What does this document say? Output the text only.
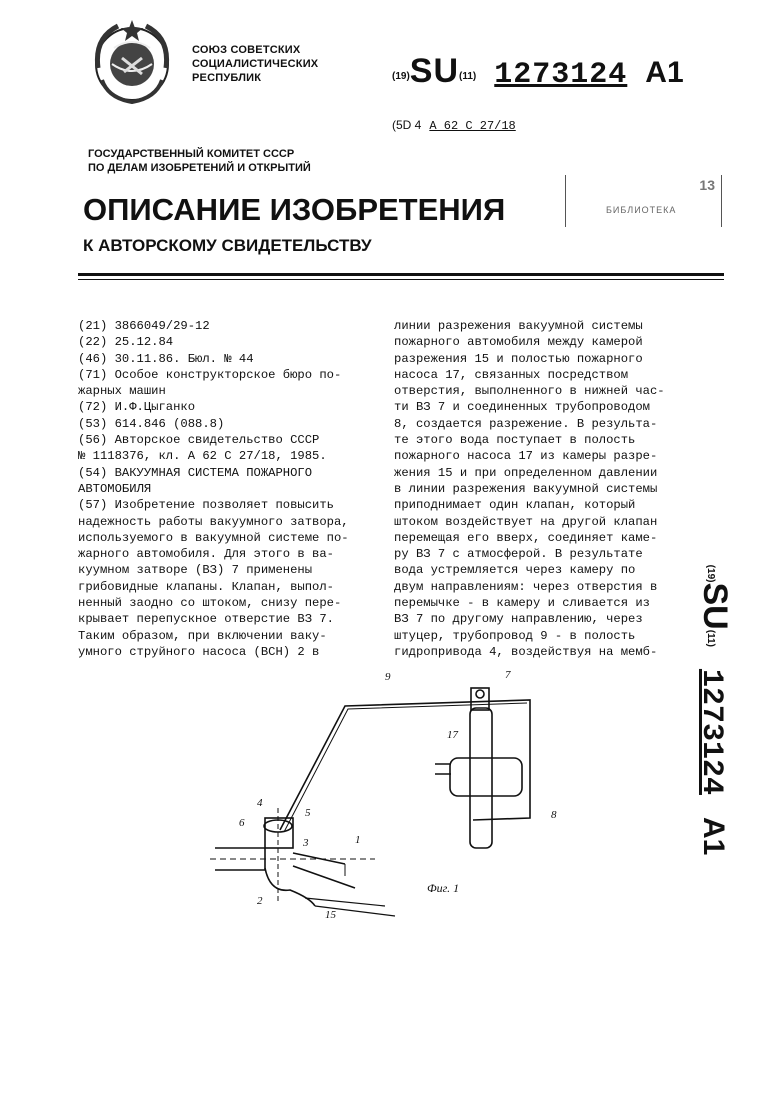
СОЮЗ СОВЕТСКИХ
СОЦИАЛИСТИЧЕСКИХ
РЕСПУБЛИК	(19)SU(11) 1273124 A1
(5D 4 A 62 C 27/18
ГОСУДАРСТВЕННЫЙ КОМИТЕТ СССР
ПО ДЕЛАМ ИЗОБРЕТЕНИЙ И ОТКРЫТИЙ
13
БИБЛИОТЕКА
ОПИСАНИЕ ИЗОБРЕТЕНИЯ
К АВТОРСКОМУ СВИДЕТЕЛЬСТВУ
(21) 3866049/29-12
(22) 25.12.84
(46) 30.11.86. Бюл. № 44
(71) Особое конструкторское бюро по-
жарных машин
(72) И.Ф.Цыганко
(53) 614.846 (088.8)
(56) Авторское свидетельство СССР
№ 1118376, кл. А 62 С 27/18, 1985.
(54) ВАКУУМНАЯ СИСТЕМА ПОЖАРНОГО
АВТОМОБИЛЯ
(57) Изобретение позволяет повысить
надежность работы вакуумного затвора,
используемого в вакуумной системе по-
жарного автомобиля. Для этого в ва-
куумном затворе (ВЗ) 7 применены
грибовидные клапаны. Клапан, выпол-
ненный заодно со штоком, снизу пере-
крывает перепускное отверстие ВЗ 7.
Таким образом, при включении ваку-
умного струйного насоса (ВСН) 2 в
линии разрежения вакуумной системы
пожарного автомобиля между камерой
разрежения 15 и полостью пожарного
насоса 17, связанных посредством
отверстия, выполненного в нижней час-
ти ВЗ 7 и соединенных трубопроводом
8, создается разрежение. В результа-
те этого вода поступает в полость
пожарного насоса 17 из камеры разре-
жения 15 и при определенном давлении
в линии разрежения вакуумной системы
приподнимает один клапан, который
штоком воздействует на другой клапан
перемещая его вверх, соединяет каме-
ру ВЗ 7 с атмосферой. В результате
вода устремляется через камеру по
двум направлениям: через отверстия в
перемычке - в камеру и сливается из
ВЗ 7 по другому направлению, через
штуцер, трубопровод 9 - в полость
гидропривода 4, воздействуя на мемб-
$^{(19)}$SU$^{(11)}$1273124A1
9	7
17
8
4
5
6
3	1
2
15
Фиг. 1
